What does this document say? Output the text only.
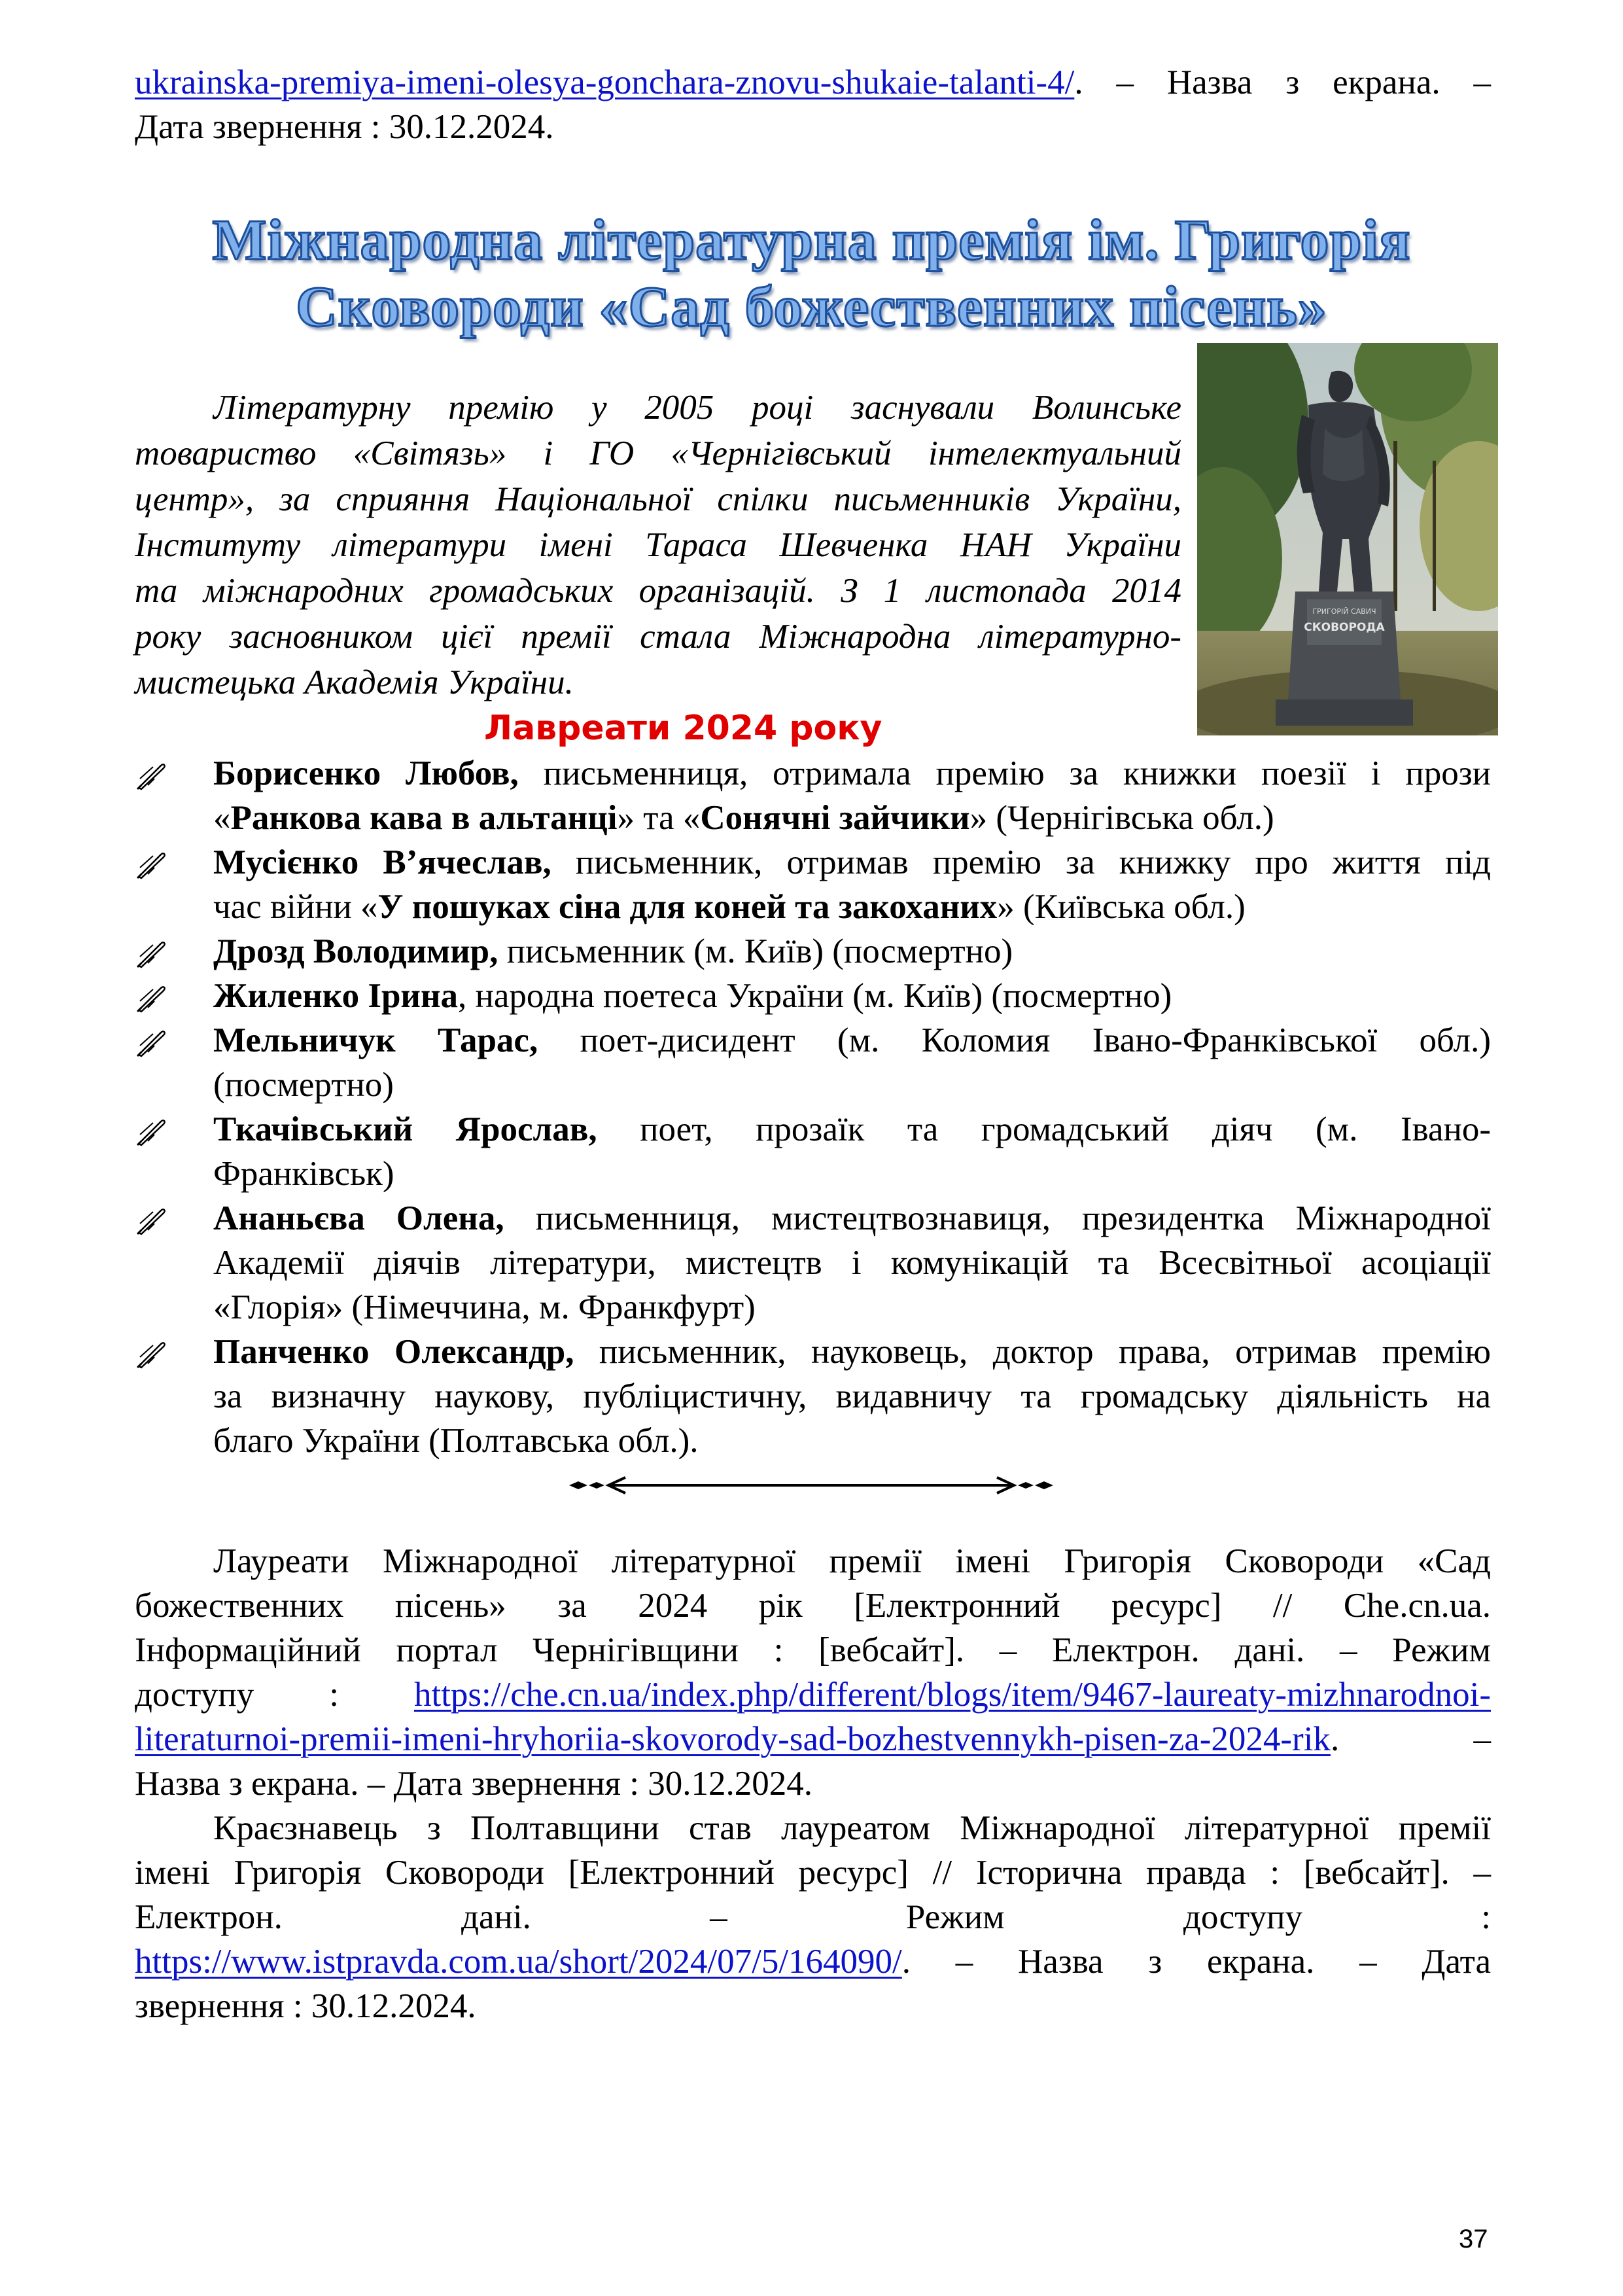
ukrainska-premiya-imeni-olesya-gonchara-znovu-shukaie-talanti-4/. – Назва з екрана. –
Дата звернення : 30.12.2024.
Міжнародна літературна премія ім. Григорія
Сковороди «Сад божественних пісень»
Літературну премію у 2005 році заснували Волинське
товариство «Світязь» і ГО «Чернігівський інтелектуальний
центр», за сприяння Національної спілки письменників України,
Інституту літератури імені Тараса Шевченка НАН України
та міжнародних громадських організацій. З 1 листопада 2014
року засновником цієї премії стала Міжнародна літературно-
мистецька Академія України.
ГРИГОРІЙ САВИЧ
СКОВОРОДА
Лавреати 2024 року
Борисенко Любов, письменниця, отримала премію за книжки поезії і прози
«Ранкова кава в альтанці» та «Сонячні зайчики» (Чернігівська обл.)
Мусієнко В’ячеслав, письменник, отримав премію за книжку про життя під
час війни «У пошуках сіна для коней та закоханих» (Київська обл.)
Дрозд Володимир, письменник (м. Київ) (посмертно)
Жиленко Ірина, народна поетеса України (м. Київ) (посмертно)
Мельничук Тарас, поет-дисидент (м. Коломия Івано-Франківської обл.)
(посмертно)
Ткачівський Ярослав, поет, прозаїк та громадський діяч (м. Івано-
Франківськ)
Ананьєва Олена, письменниця, мистецтвознавиця, президентка Міжнародної
Академії діячів літератури, мистецтв і комунікацій та Всесвітньої асоціації
«Глорія» (Німеччина, м. Франкфурт)
Панченко Олександр, письменник, науковець, доктор права, отримав премію
за визначну наукову, публіцистичну, видавничу та громадську діяльність на
благо України (Полтавська обл.).
Лауреати Міжнародної літературної премії імені Григорія Сковороди «Сад
божественних пісень» за 2024 рік [Електронний ресурс] // Che.cn.ua.
Інформаційний портал Чернігівщини : [вебсайт]. – Електрон. дані. – Режим
доступу : https://che.cn.ua/index.php/different/blogs/item/9467-laureaty-mizhnarodnoi-
literaturnoi-premii-imeni-hryhoriia-skovorody-sad-bozhestvennykh-pisen-za-2024-rik. –
Назва з екрана. – Дата звернення : 30.12.2024.
Краєзнавець з Полтавщини став лауреатом Міжнародної літературної премії
імені Григорія Сковороди [Електронний ресурс] // Історична правда : [вебсайт]. –
Електрон.	дані.	–	Режим	доступу	:
https://www.istpravda.com.ua/short/2024/07/5/164090/. – Назва з екрана. – Дата
звернення : 30.12.2024.
37
